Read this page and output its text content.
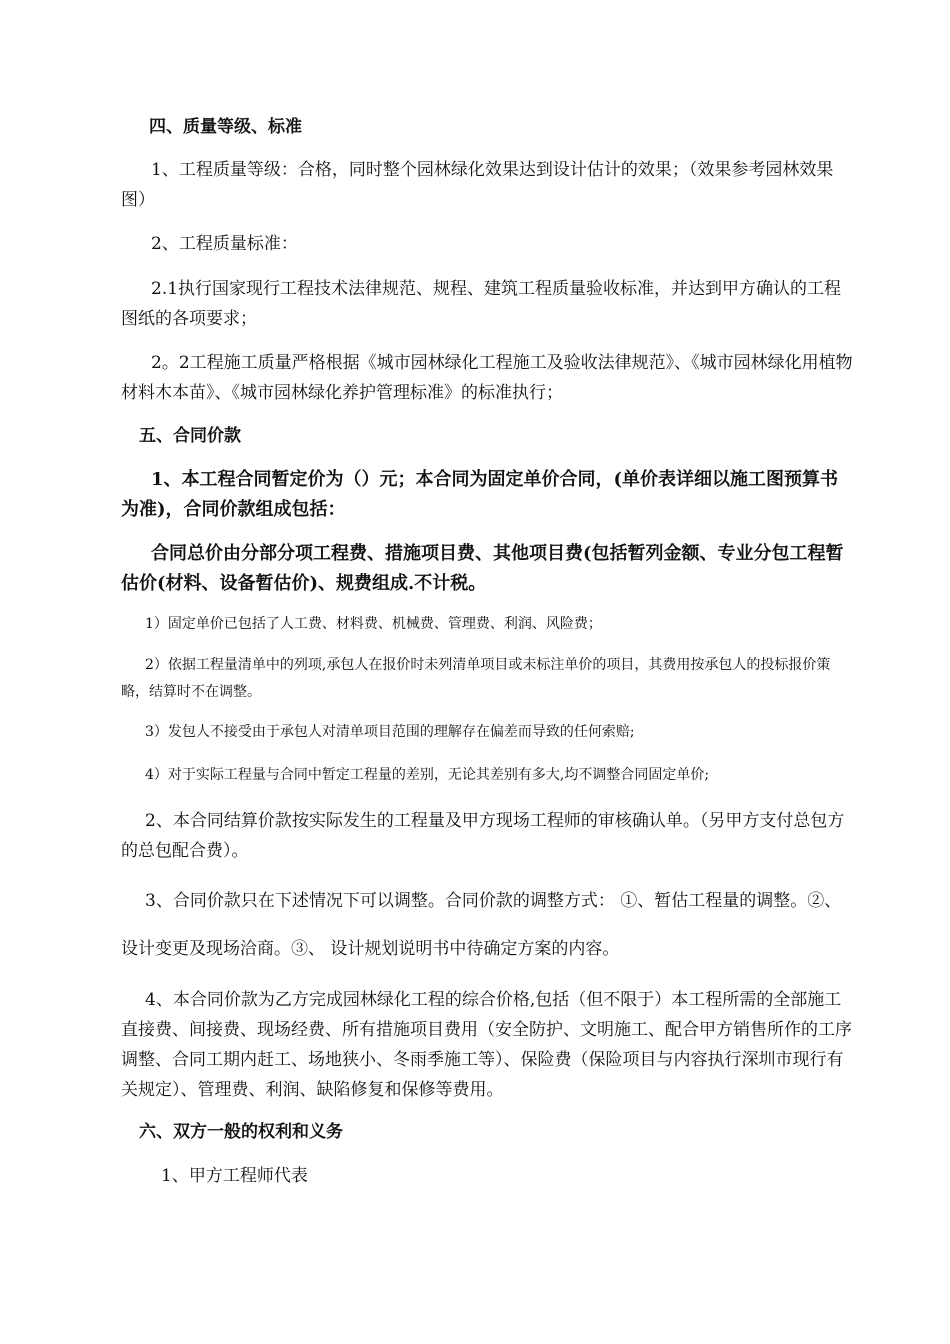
四、质量等级、标准

1、工程质量等级：合格，同时整个园林绿化效果达到设计估计的效果；（效果参考园林效果图）

2、工程质量标准：

2.1执行国家现行工程技术法律规范、规程、建筑工程质量验收标准，并达到甲方确认的工程图纸的各项要求；

2。2工程施工质量严格根据《城市园林绿化工程施工及验收法律规范》、《城市园林绿化用植物材料木本苗》、《城市园林绿化养护管理标准》的标准执行；

五、合同价款

1、本工程合同暂定价为（）元；本合同为固定单价合同，(单价表详细以施工图预算书为准)，合同价款组成包括：

合同总价由分部分项工程费、措施项目费、其他项目费(包括暂列金额、专业分包工程暂估价(材料、设备暂估价)、规费组成.不计税。

1）固定单价已包括了人工费、材料费、机械费、管理费、利润、风险费；

2）依据工程量清单中的列项,承包人在报价时未列清单项目或未标注单价的项目，其费用按承包人的投标报价策略，结算时不在调整。

3）发包人不接受由于承包人对清单项目范围的理解存在偏差而导致的任何索赔;

4）对于实际工程量与合同中暂定工程量的差别，无论其差别有多大,均不调整合同固定单价;

2、本合同结算价款按实际发生的工程量及甲方现场工程师的审核确认单。（另甲方支付总包方的总包配合费）。

3、合同价款只在下述情况下可以调整。合同价款的调整方式： ①、暂估工程量的调整。②、设计变更及现场洽商。③、 设计规划说明书中待确定方案的内容。

4、本合同价款为乙方完成园林绿化工程的综合价格,包括（但不限于）本工程所需的全部施工直接费、间接费、现场经费、所有措施项目费用（安全防护、文明施工、配合甲方销售所作的工序调整、合同工期内赶工、场地狭小、冬雨季施工等）、保险费（保险项目与内容执行深圳市现行有关规定）、管理费、利润、缺陷修复和保修等费用。

六、双方一般的权利和义务

1、甲方工程师代表
